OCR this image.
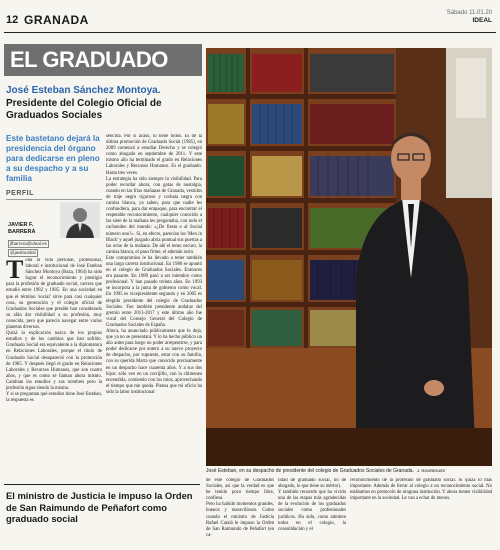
12 GRANADA	Sábado 11.01.20
IDEAL
EL GRADUADO
José Esteban Sánchez Montoya.
Presidente del Colegio Oficial de Graduados Sociales
Este bastetano dejará la presidencia del órgano para dedicarse en pleno a su despacho y a su familia
PERFIL
JAVIER F.
BARRERA
jfbarrera@ideal.es
@javilacabal
T oda la vida personal, profesional, laboral e institucional de José Esteban Sánchez Montoya (Baza, 1964) ha sido lograr el reconocimiento y prestigio para la profesión de graduado social, carrera que estudió entre 1982 y 1985. En una sociedad en que el término 'social' sirve para casi cualquier cosa, su generación y el colegio oficial de Graduados Sociales que preside han considerado su afán dar visibilidad a su profesión, muy conocida, pero que parecía navegar entre varios planetas diversos.

Quizá la explicación nazca de los propios estudios y de los cambios que han sufrido. Graduado Social era equivalente a la diplomatura en Relaciones Laborales, porque el título de Graduado Social desapareció con la promoción de 1985. Y después llegó el grado en Relaciones Laborales y Recursos Humanos, que son cuatro años, y que es como se llaman ahora mismo. Cambian los estudios y sus nombres pero la profesión sigue siendo la misma.

Y si se preguntan qué estudios tiene José Esteban, la respuesta es

sencilla. Por si acaso, lo tiene todos. Es de la última promoción de Graduado Social (1985), en 2009 comenzó a estudiar Derecho y se colegió como abogado en septiembre de 2011. Y este mismo año ha terminado el grado en Relaciones Laborales y Recursos Humanos. Es el graduado. Hasta tres veces.

La estrategia ha sido siempre la visibilidad. Para poder recordar ahora, con gotas de nostalgia, cuando en las frías mañanas de Granada, vestidos de traje negro riguroso y corbata negra con camisa blanca, ya saben, para que nadie les confundiera, para dar empaque, para encontrar el respetable reconocimiento, cualquier conocido a las siete de la mañana les preguntaba, con todo el cachondeo del mundo: «¿De fiesta o al Social número uno?». Si, en efecto, parecían los 'Men in Black' y aquél juzgado abría puntual sus puertas a las ocho de la mañana. De ahí el temo oscuro, la camisa blanca, el paso firme, el ademán serio.

Este compromiso le ha llevado a tener también una larga carrera institucional. En 1986 se apuntó en el colegio de Graduados Sociales. Entonces era pasante. En 1989 pasó a ser miembro como profesional. Y han pasado treinta años. En 1993 se incorpora a la junta de gobierno como vocal. En 1995 es vicepresidente segundo y en 2005 es elegido presidente del colegio de Graduados Sociales. Fue también presidente andaluz del gremio entre 2013-2017 y este último año fue vocal del Consejo General del Colegio de Graduados Sociales de España.

Ahora, ha anunciado públicamente que lo deja, que ya no se presentará. Y lo ha hecho público un año antes para luego no poder arrepentirse, y para poder dedicarse por entero a su nuevo proyecto de despacho, por supuesto, estar con su familia, con su querida Marta que conocido precisamente en un despacho hace cuarenta años. Y a sus dos hijos: sólo veo en un corrijillo, con la chimenea encendida, comiendo con los míos, aprovechando el tiempo que me queda. Piensa que mi oficio ha sido la labor institucional

de este colegio de Graduados Sociales, así que la verdad es que he tenido poco tiempo libre, confiesa.

Pero ha habido momentos grandes, buenos y maravillosos. Como cuando el ministro de Justicia Rafael Catalá le impuso la Orden de San Raimundo de Peñafort (en ca-

lidad de graduado social, no de abogado, lo que tiene su mérito).

Y también recuerdo que ha vivido una de las etapas más agradecidas de la evolución de los graduados sociales como profesionales jurídicos. Ha sido, como admiten todos en el colegio, la consolidación y el

reconocimiento de la profesión de graduado social. Si quizá lo más importante. Además de llevar al colegio a un reconocimiento social. No estábamos en protocolo de ninguna institución. Y ahora tienen visibilidad importante en la sociedad. Le van a echar de menos.

José Esteban, en su despacho de presidente del colegio de Graduados Sociales de Granada. J. RODRÍGUEZ
El ministro de Justicia le impuso la Orden de San Raimundo de Peñafort como graduado social
